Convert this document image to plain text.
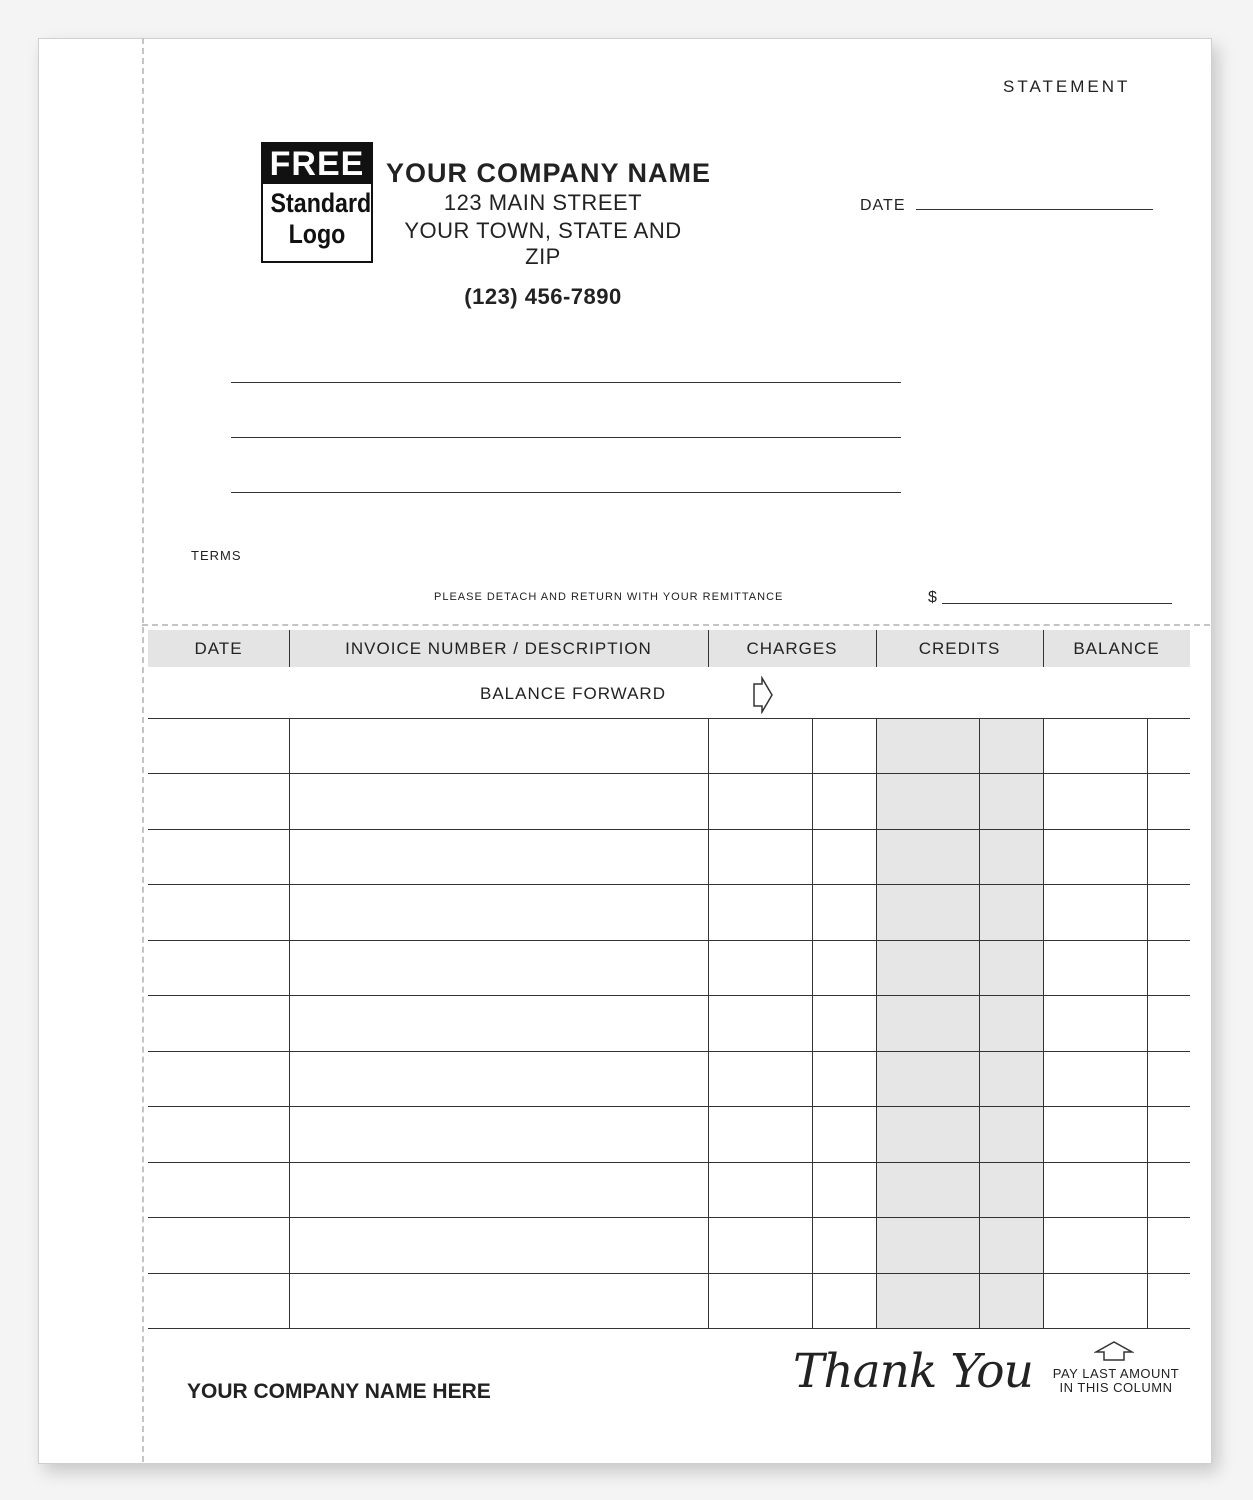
STATEMENT
FREE
Standard
Logo
YOUR COMPANY NAME
123 MAIN STREET
YOUR TOWN, STATE AND ZIP
(123) 456-7890
DATE
TERMS
PLEASE DETACH AND RETURN WITH YOUR REMITTANCE	$
DATE	INVOICE NUMBER / DESCRIPTION	CHARGES	CREDITS	BALANCE
BALANCE FORWARD
YOUR COMPANY NAME HERE	Thank You	PAY LAST AMOUNT
IN THIS COLUMN
